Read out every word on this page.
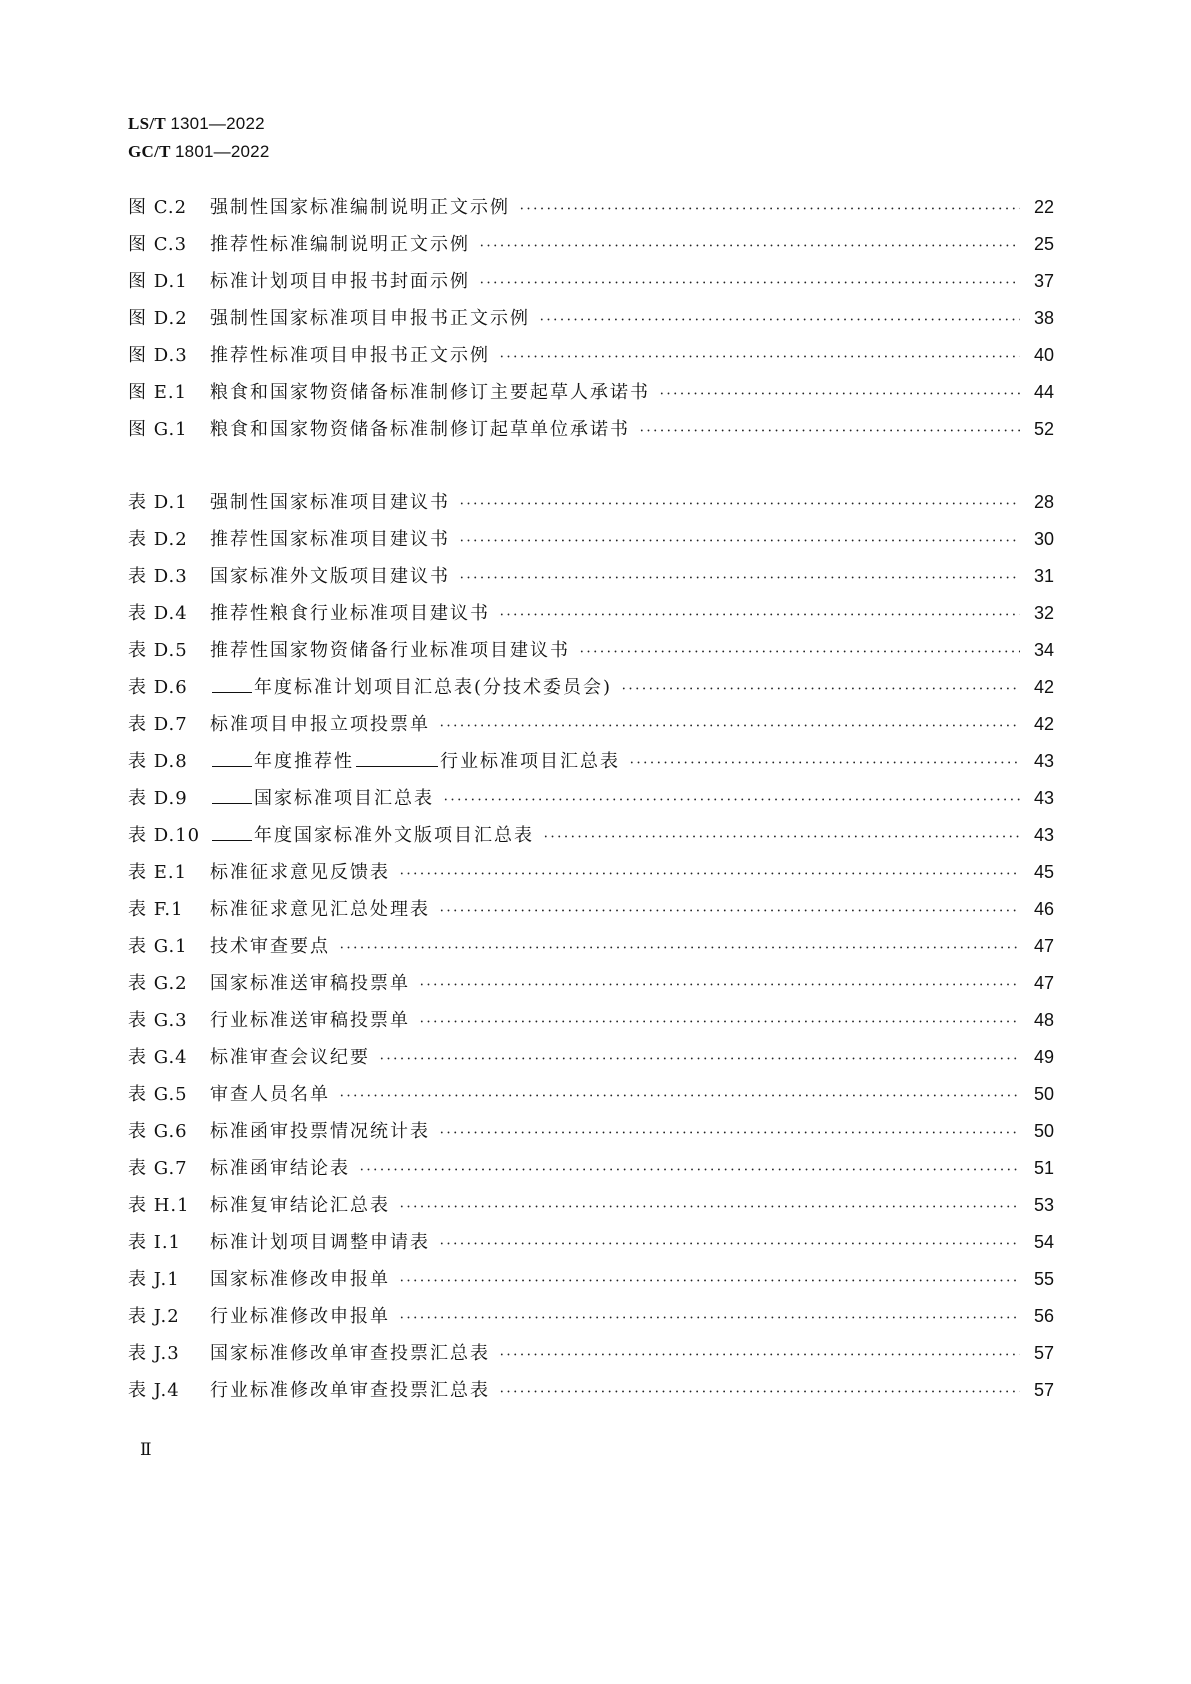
LS/T 1301—2022
GC/T 1801—2022
图 C.2	强制性国家标准编制说明正文示例 •••••	22
图 C.3	推荐性标准编制说明正文示例 •••••	25
图 D.1	标准计划项目申报书封面示例 •••••	37
图 D.2	强制性国家标准项目申报书正文示例 •••••	38
图 D.3	推荐性标准项目申报书正文示例 •••••	40
图 E.1	粮食和国家物资储备标准制修订主要起草人承诺书 •••••	44
图 G.1	粮食和国家物资储备标准制修订起草单位承诺书 •••••	52
表 D.1	强制性国家标准项目建议书 •••••	28
表 D.2	推荐性国家标准项目建议书 •••••	30
表 D.3	国家标准外文版项目建议书 •••••	31
表 D.4	推荐性粮食行业标准项目建议书 •••••	32
表 D.5	推荐性国家物资储备行业标准项目建议书 •••••	34
表 D.6	年度标准计划项目汇总表(分技术委员会) •••••	42
表 D.7	标准项目申报立项投票单 •••••	42
表 D.8	年度推荐性	行业标准项目汇总表 •••••	43
表 D.9	国家标准项目汇总表 •••••	43
表 D.10	年度国家标准外文版项目汇总表 •••••	43
表 E.1	标准征求意见反馈表 •••••	45
表 F.1	标准征求意见汇总处理表 •••••	46
表 G.1	技术审查要点 •••••	47
表 G.2	国家标准送审稿投票单 •••••	47
表 G.3	行业标准送审稿投票单 •••••	48
表 G.4	标准审查会议纪要 •••••	49
表 G.5	审查人员名单 •••••	50
表 G.6	标准函审投票情况统计表 •••••	50
表 G.7	标准函审结论表 •••••	51
表 H.1	标准复审结论汇总表 •••••	53
表 I.1	标准计划项目调整申请表 •••••	54
表 J.1	国家标准修改申报单 •••••	55
表 J.2	行业标准修改申报单 •••••	56
表 J.3	国家标准修改单审查投票汇总表 •••••	57
表 J.4	行业标准修改单审查投票汇总表 •••••	57
Ⅱ
